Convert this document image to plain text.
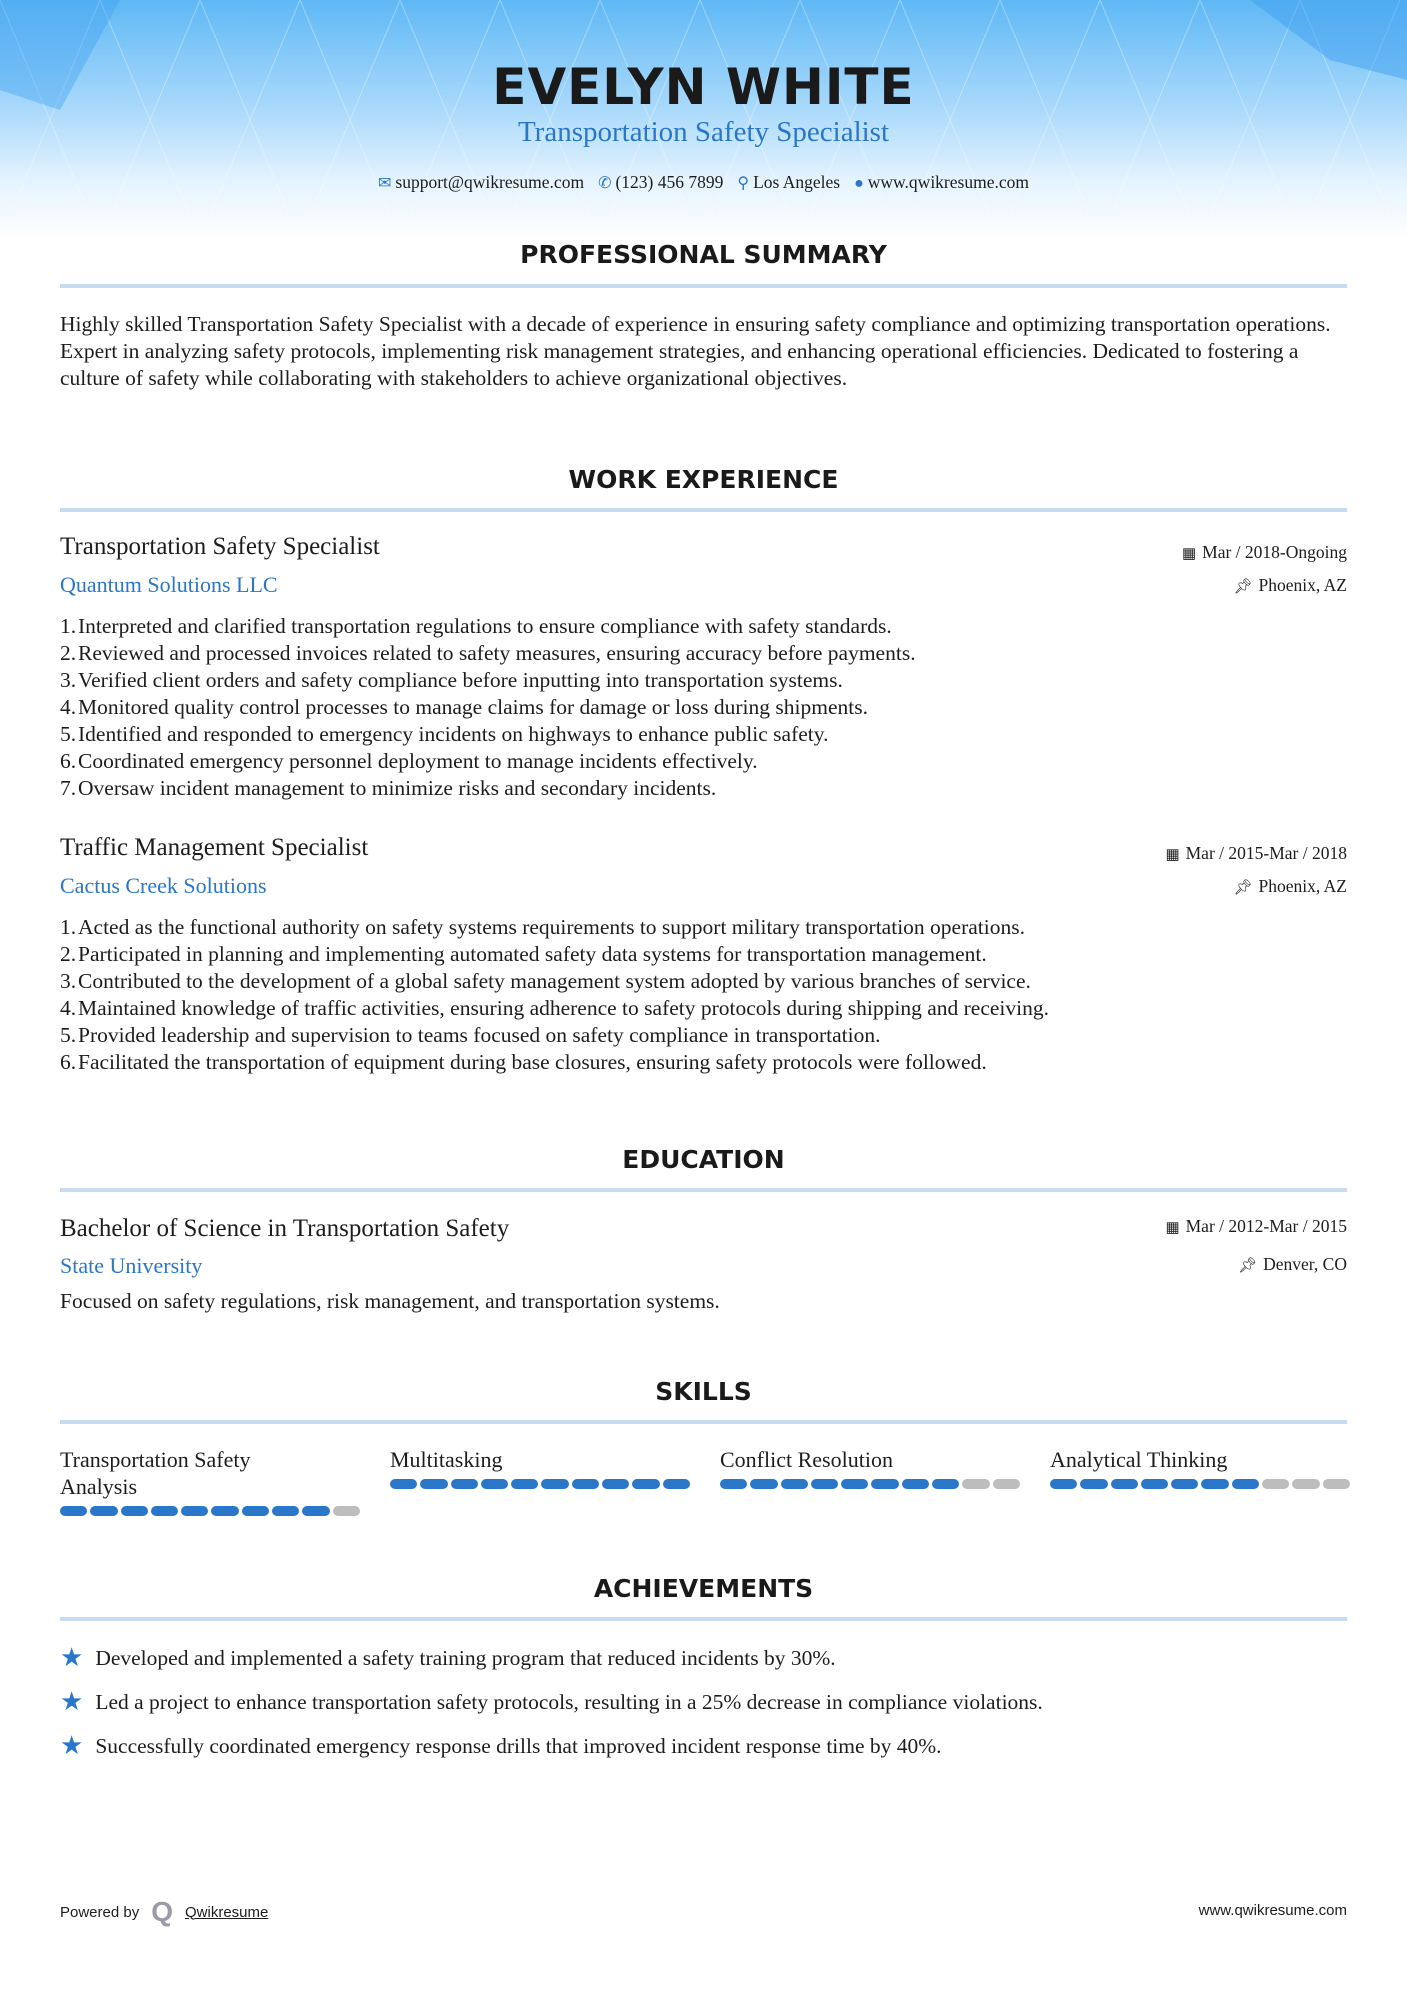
EVELYN WHITE
Transportation Safety Specialist
✉ support@qwikresume.com ✆ (123) 456 7899 ⚲ Los Angeles ● www.qwikresume.com
PROFESSIONAL SUMMARY
Highly skilled Transportation Safety Specialist with a decade of experience in ensuring safety compliance and optimizing transportation operations. Expert in analyzing safety protocols, implementing risk management strategies, and enhancing operational efficiencies. Dedicated to fostering a culture of safety while collaborating with stakeholders to achieve organizational objectives.
WORK EXPERIENCE
Transportation Safety Specialist	▦ Mar / 2018-Ongoing
Quantum Solutions LLC	📌︎ Phoenix, AZ
1.Interpreted and clarified transportation regulations to ensure compliance with safety standards.
2.Reviewed and processed invoices related to safety measures, ensuring accuracy before payments.
3.Verified client orders and safety compliance before inputting into transportation systems.
4.Monitored quality control processes to manage claims for damage or loss during shipments.
5.Identified and responded to emergency incidents on highways to enhance public safety.
6.Coordinated emergency personnel deployment to manage incidents effectively.
7.Oversaw incident management to minimize risks and secondary incidents.
Traffic Management Specialist	▦ Mar / 2015-Mar / 2018
Cactus Creek Solutions	📌︎ Phoenix, AZ
1.Acted as the functional authority on safety systems requirements to support military transportation operations.
2.Participated in planning and implementing automated safety data systems for transportation management.
3.Contributed to the development of a global safety management system adopted by various branches of service.
4.Maintained knowledge of traffic activities, ensuring adherence to safety protocols during shipping and receiving.
5.Provided leadership and supervision to teams focused on safety compliance in transportation.
6.Facilitated the transportation of equipment during base closures, ensuring safety protocols were followed.
EDUCATION
Bachelor of Science in Transportation Safety	▦ Mar / 2012-Mar / 2015
State University	📌︎ Denver, CO
Focused on safety regulations, risk management, and transportation systems.
SKILLS
Transportation Safety Analysis
Multitasking	Conflict Resolution	Analytical Thinking
ACHIEVEMENTS
★ Developed and implemented a safety training program that reduced incidents by 30%.
★ Led a project to enhance transportation safety protocols, resulting in a 25% decrease in compliance violations.
★ Successfully coordinated emergency response drills that improved incident response time by 40%.
Powered by Q Qwikresume	www.qwikresume.com
